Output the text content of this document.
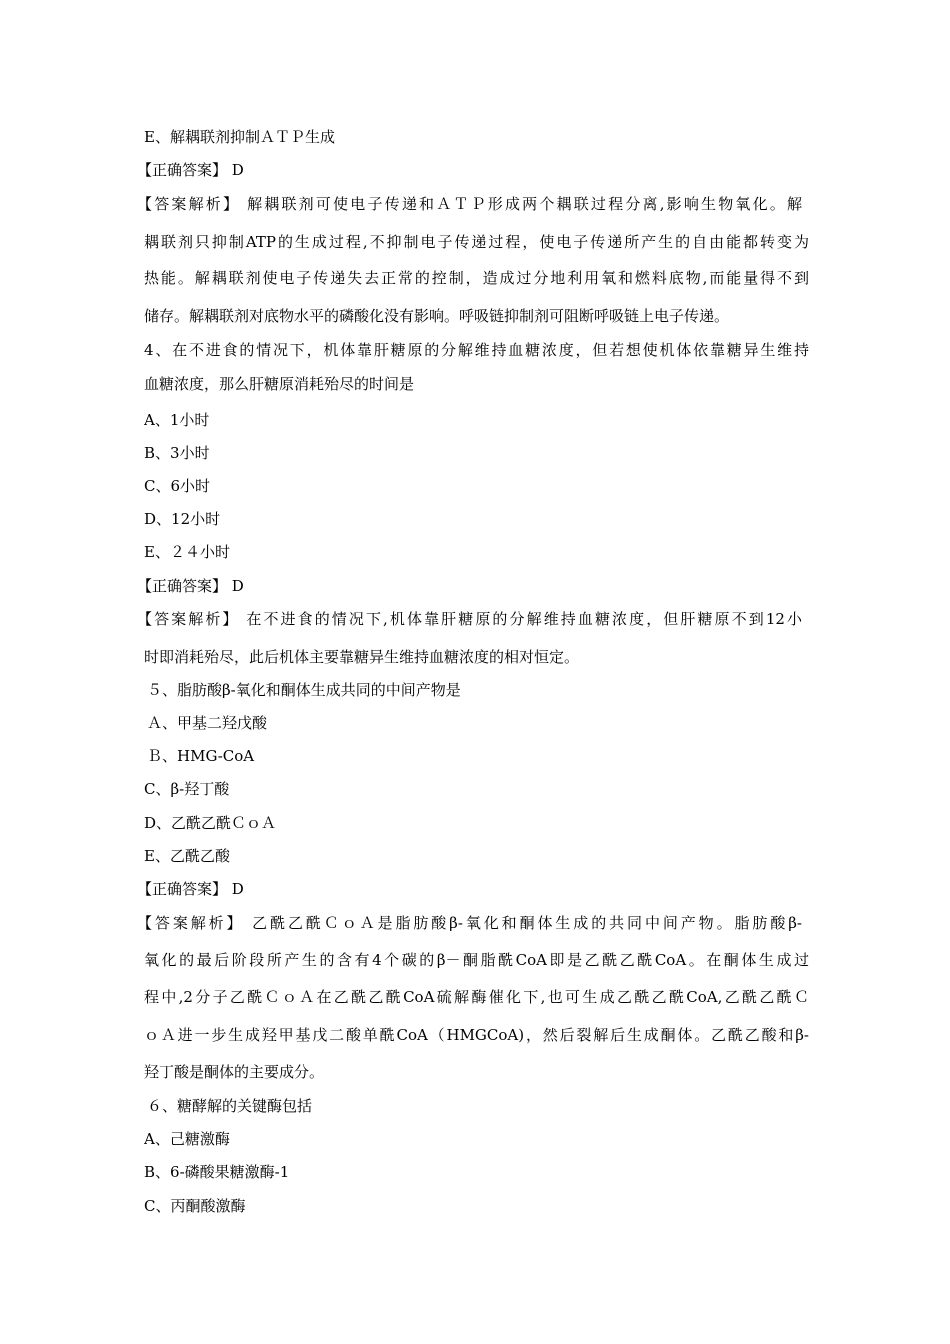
E、解耦联剂抑制ＡＴＰ生成
【正确答案】 D
【答案解析】 解耦联剂可使电子传递和ＡＴＰ形成两个耦联过程分离,影响生物氧化。解
耦联剂只抑制ATP的生成过程,不抑制电子传递过程，使电子传递所产生的自由能都转变为
热能。解耦联剂使电子传递失去正常的控制，造成过分地利用氧和燃料底物,而能量得不到
储存。解耦联剂对底物水平的磷酸化没有影响。呼吸链抑制剂可阻断呼吸链上电子传递。
4、在不进食的情况下，机体靠肝糖原的分解维持血糖浓度，但若想使机体依靠糖异生维持
血糖浓度，那么肝糖原消耗殆尽的时间是
A、1小时
B、3小时
C、6小时
D、12小时
E、２４小时
【正确答案】 D
【答案解析】 在不进食的情况下,机体靠肝糖原的分解维持血糖浓度，但肝糖原不到12小
时即消耗殆尽，此后机体主要靠糖异生维持血糖浓度的相对恒定。
５、脂肪酸β-氧化和酮体生成共同的中间产物是
Ａ、甲基二羟戊酸
Ｂ、HMG-CoA
C、β-羟丁酸
D、乙酰乙酰ＣｏＡ
E、乙酰乙酸
【正确答案】 D
【答案解析】 乙酰乙酰ＣｏＡ是脂肪酸β-氧化和酮体生成的共同中间产物。脂肪酸β-
氧化的最后阶段所产生的含有4个碳的β－酮脂酰CoA即是乙酰乙酰CoA。在酮体生成过
程中,2分子乙酰ＣｏＡ在乙酰乙酰CoA硫解酶催化下,也可生成乙酰乙酰CoA,乙酰乙酰Ｃ
ｏＡ进一步生成羟甲基戊二酸单酰CoA（HMGCoA)，然后裂解后生成酮体。乙酰乙酸和β-
羟丁酸是酮体的主要成分。
６、糖酵解的关键酶包括
A、己糖激酶
B、6-磷酸果糖激酶-1
C、丙酮酸激酶
